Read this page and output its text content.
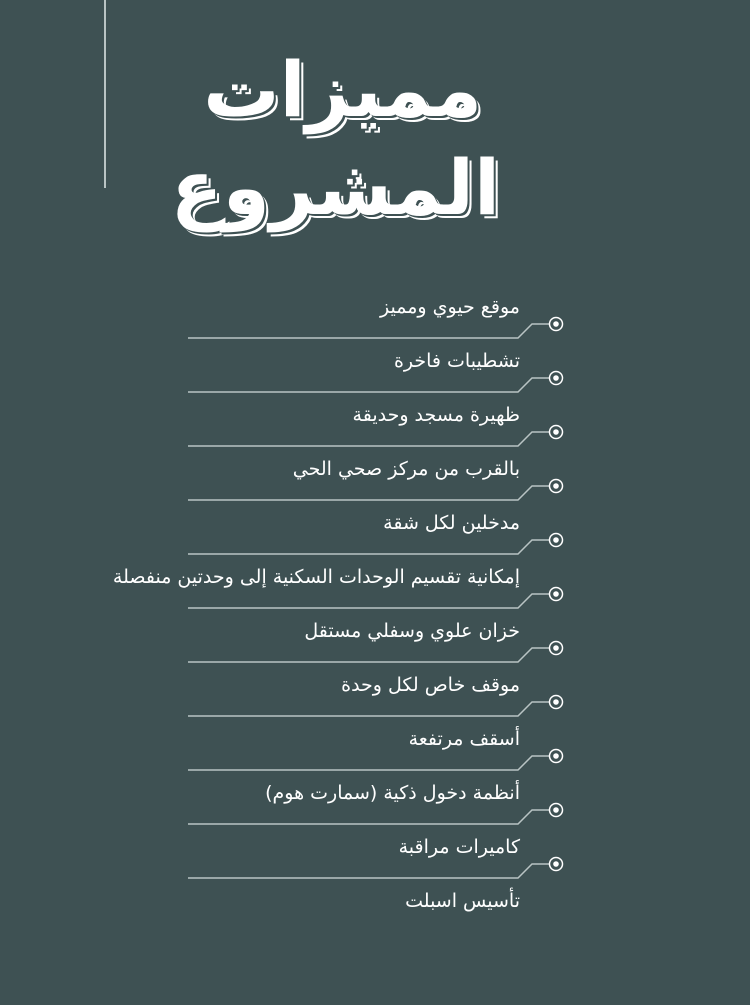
مميزات
المشروع
موقع حيوي ومميز
تشطيبات فاخرة
ظهيرة مسجد وحديقة
بالقرب من مركز صحي الحي
مدخلين لكل شقة
إمكانية تقسيم الوحدات السكنية إلى وحدتين منفصلة
خزان علوي وسفلي مستقل
موقف خاص لكل وحدة
أسقف مرتفعة
أنظمة دخول ذكية (سمارت هوم)
كاميرات مراقبة
تأسيس اسبلت
